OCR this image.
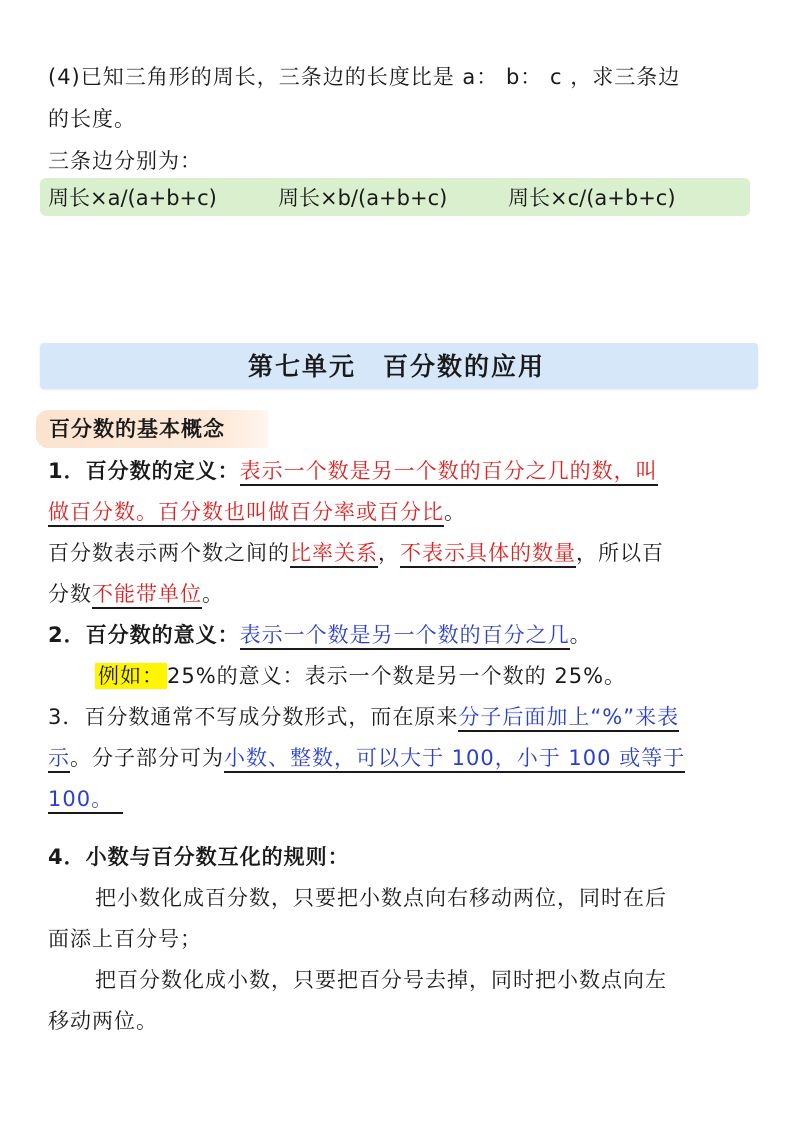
(4)已知三角形的周长，三条边的长度比是 a： b： c ，求三条边
的长度。
三条边分别为：
周长×a/(a+b+c)	周长×b/(a+b+c)	周长×c/(a+b+c)
第七单元　百分数的应用
百分数的基本概念
1．百分数的定义：表示一个数是另一个数的百分之几的数，叫
做百分数。百分数也叫做百分率或百分比。
百分数表示两个数之间的比率关系，不表示具体的数量，所以百
分数不能带单位。
2．百分数的意义：表示一个数是另一个数的百分之几。
例如： 25%的意义：表示一个数是另一个数的 25%。
3．百分数通常不写成分数形式，而在原来分子后面加上“%”来表
示。分子部分可为小数、整数，可以大于 100，小于 100 或等于
100。
4．小数与百分数互化的规则：
把小数化成百分数，只要把小数点向右移动两位，同时在后
面添上百分号；
把百分数化成小数，只要把百分号去掉，同时把小数点向左
移动两位。
